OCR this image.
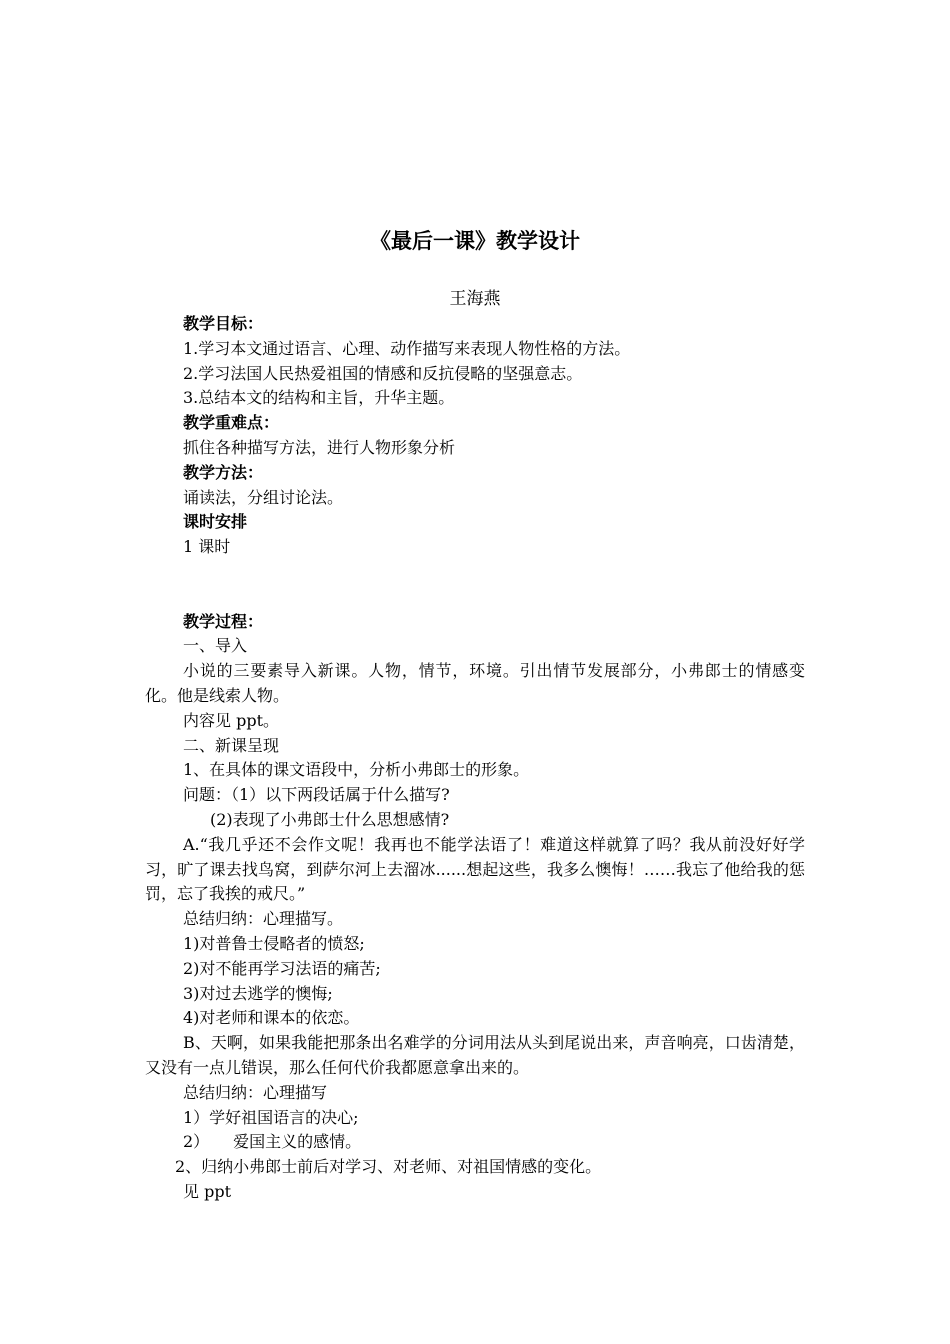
《最后一课》教学设计
王海燕
教学目标：
1.学习本文通过语言、心理、动作描写来表现人物性格的方法。
2.学习法国人民热爱祖国的情感和反抗侵略的坚强意志。
3.总结本文的结构和主旨，升华主题。
教学重难点：
抓住各种描写方法，进行人物形象分析
教学方法：
诵读法，分组讨论法。
课时安排
1 课时
教学过程：
一、导入
小说的三要素导入新课。人物，情节，环境。引出情节发展部分，小弗郎士的情感变化。他是线索人物。
内容见 ppt。
二、新课呈现
1、在具体的课文语段中，分析小弗郎士的形象。
问题：（1）以下两段话属于什么描写?
(2)表现了小弗郎士什么思想感情?
A.“我几乎还不会作文呢！我再也不能学法语了！难道这样就算了吗？我从前没好好学习，旷了课去找鸟窝，到萨尔河上去溜冰......想起这些，我多么懊悔！……我忘了他给我的惩罚，忘了我挨的戒尺。”
总结归纳：心理描写。
1)对普鲁士侵略者的愤怒;
2)对不能再学习法语的痛苦;
3)对过去逃学的懊悔;
4)对老师和课本的依恋。
B、天啊，如果我能把那条出名难学的分词用法从头到尾说出来，声音响亮，口齿清楚，又没有一点儿错误，那么任何代价我都愿意拿出来的。
总结归纳：心理描写
1）学好祖国语言的决心;
2）　　爱国主义的感情。
2、归纳小弗郎士前后对学习、对老师、对祖国情感的变化。
见 ppt
